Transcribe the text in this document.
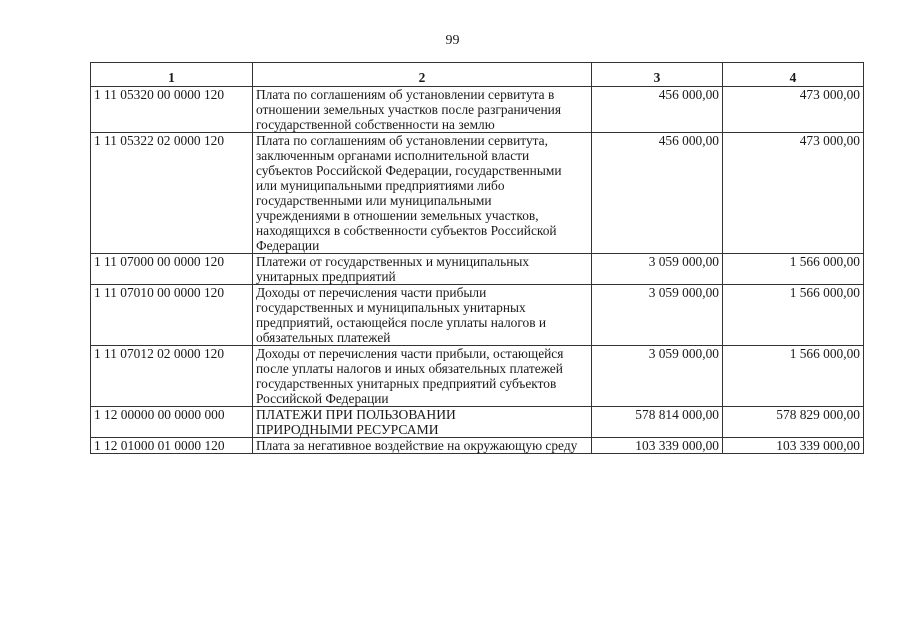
99
1	2	3	4
1 11 05320 00 0000 120	Плата по соглашениям об установлении сервитута в отношении земельных участков после разграничения государственной собственности на землю	456 000,00	473 000,00
1 11 05322 02 0000 120	Плата по соглашениям об установлении сервитута, заключенным органами исполнительной власти субъектов Российской Федерации, государственными или муниципальными предприятиями либо государственными или муниципальными учреждениями в отношении земельных участков, находящихся в собственности субъектов Российской Федерации	456 000,00	473 000,00
1 11 07000 00 0000 120	Платежи от государственных и муниципальных унитарных предприятий	3 059 000,00	1 566 000,00
1 11 07010 00 0000 120	Доходы от перечисления части прибыли государственных и муниципальных унитарных предприятий, остающейся после уплаты налогов и обязательных платежей	3 059 000,00	1 566 000,00
1 11 07012 02 0000 120	Доходы от перечисления части прибыли, остающейся после уплаты налогов и иных обязательных платежей государственных унитарных предприятий субъектов Российской Федерации	3 059 000,00	1 566 000,00
1 12 00000 00 0000 000	ПЛАТЕЖИ ПРИ ПОЛЬЗОВАНИИ ПРИРОДНЫМИ РЕСУРСАМИ	578 814 000,00	578 829 000,00
1 12 01000 01 0000 120	Плата за негативное воздействие на окружающую среду	103 339 000,00	103 339 000,00
